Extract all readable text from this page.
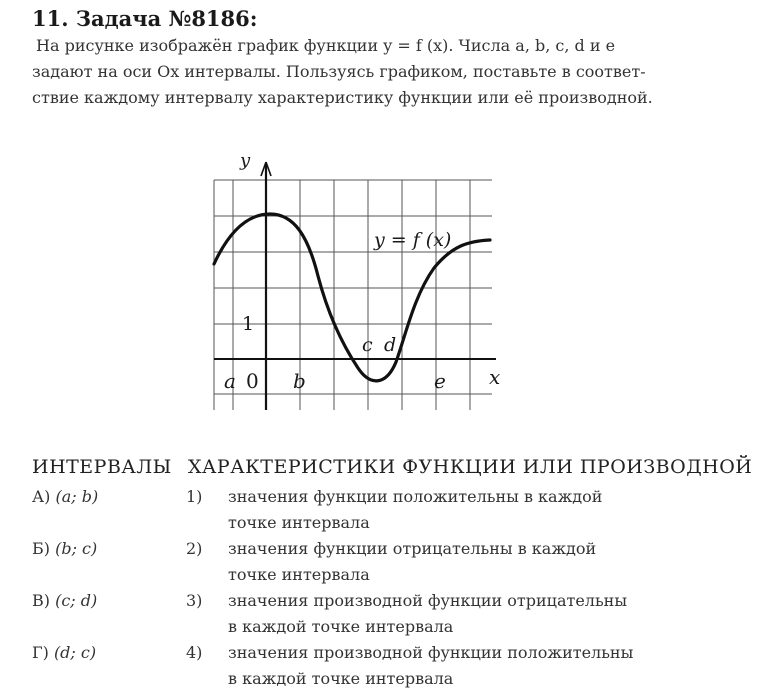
11. Задача №8186:
На рисунке изображён график функции y = f (x). Числа a, b, c, d и e
задают на оси Ox интервалы. Пользуясь графиком, поставьте в соответ-
ствие каждому интервалу характеристику функции или её производной.
y
x
y = f (x)
1
0
a	b
c d
e
ИНТЕРВАЛЫ ХАРАКТЕРИСТИКИ ФУНКЦИИ ИЛИ ПРОИЗВОДНОЙ
А) (a; b)
Б) (b; c)
В) (c; d)
Г) (d; c)
1) значения функции положительны в каждой
точке интервала
2) значения функции отрицательны в каждой
точке интервала
3) значения производной функции отрицательны
в каждой точке интервала
4) значения производной функции положительны
в каждой точке интервала
